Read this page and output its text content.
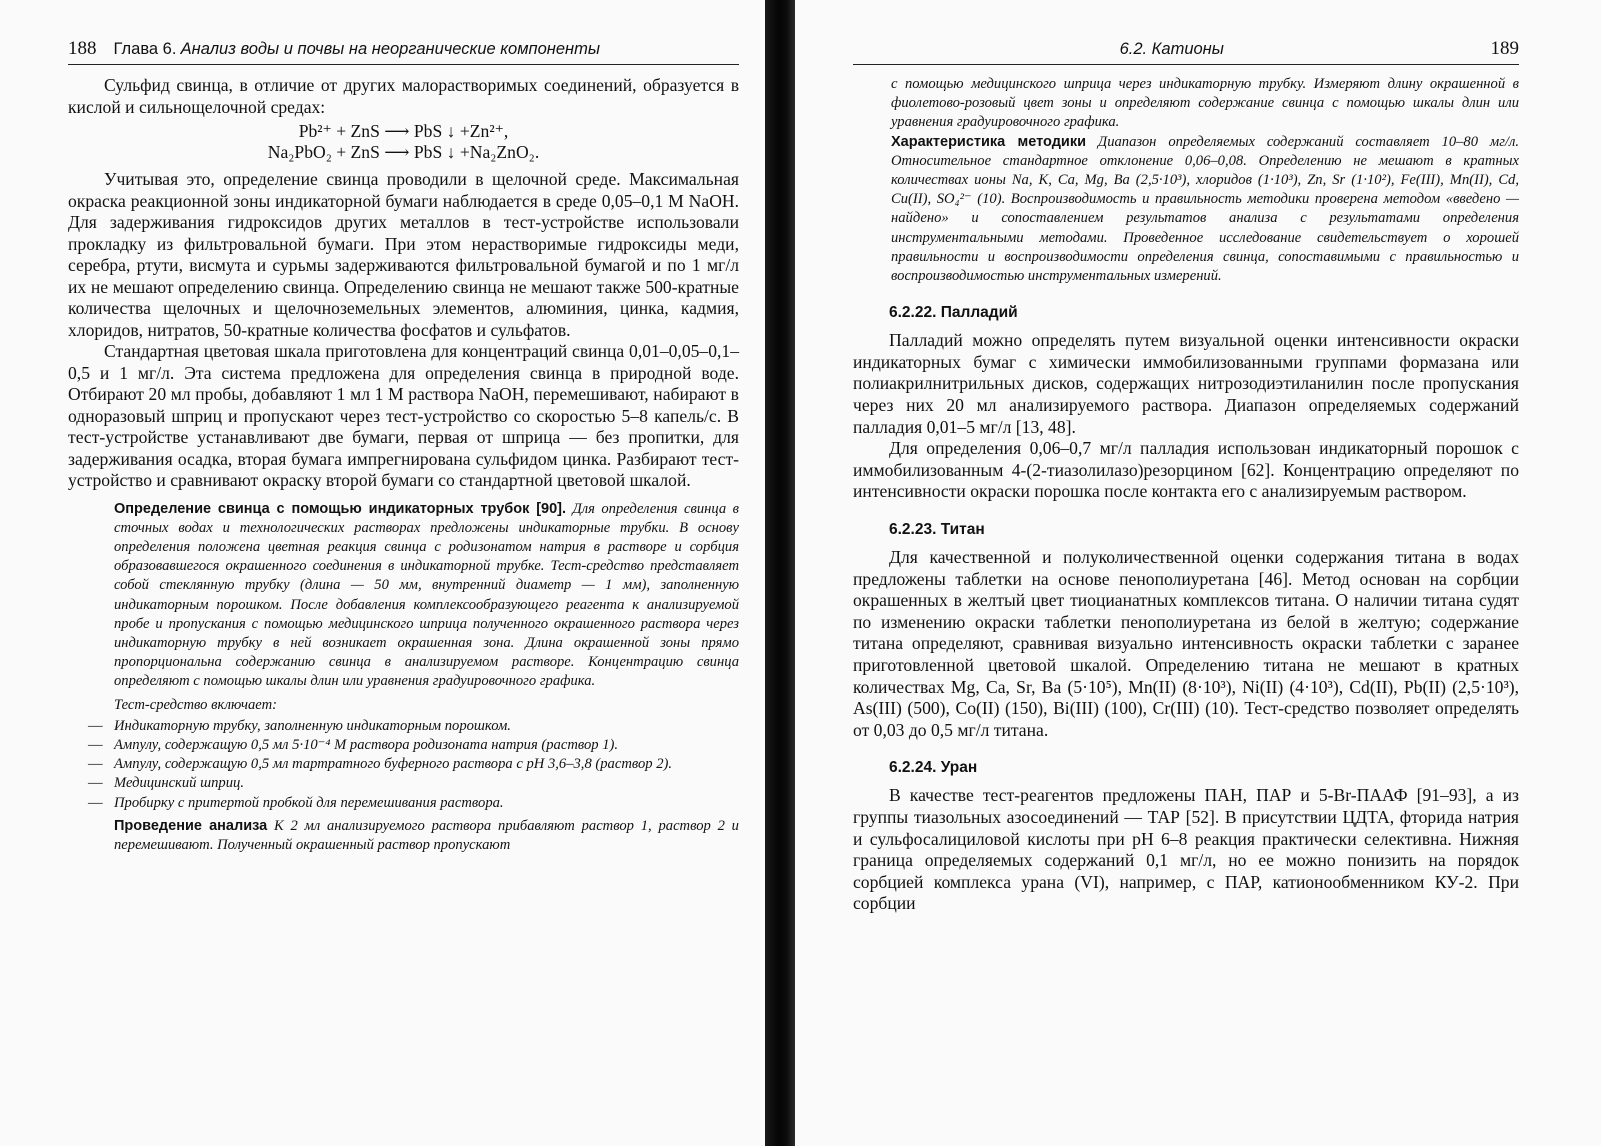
188 Глава 6. Анализ воды и почвы на неорганические компоненты

Сульфид свинца, в отличие от других малорастворимых соединений, образуется в кислой и сильнощелочной средах:

Pb²⁺ + ZnS ⟶ PbS ↓ +Zn²⁺,
Na₂PbO₂ + ZnS ⟶ PbS ↓ +Na₂ZnO₂.

Учитывая это, определение свинца проводили в щелочной среде. Максимальная окраска реакционной зоны индикаторной бумаги наблюдается в среде 0,05–0,1 M NaOH. Для задерживания гидроксидов других металлов в тест-устройстве использовали прокладку из фильтровальной бумаги. При этом нерастворимые гидроксиды меди, серебра, ртути, висмута и сурьмы задерживаются фильтровальной бумагой и по 1 мг/л их не мешают определению свинца. Определению свинца не мешают также 500-кратные количества щелочных и щелочноземельных элементов, алюминия, цинка, кадмия, хлоридов, нитратов, 50-кратные количества фосфатов и сульфатов.

Стандартная цветовая шкала приготовлена для концентраций свинца 0,01–0,05–0,1–0,5 и 1 мг/л. Эта система предложена для определения свинца в природной воде. Отбирают 20 мл пробы, добавляют 1 мл 1 M раствора NaOH, перемешивают, набирают в одноразовый шприц и пропускают через тест-устройство со скоростью 5–8 капель/с. В тест-устройстве устанавливают две бумаги, первая от шприца — без пропитки, для задерживания осадка, вторая бумага импрегнирована сульфидом цинка. Разбирают тест-устройство и сравнивают окраску второй бумаги со стандартной цветовой шкалой.

Определение свинца с помощью индикаторных трубок [90]. Для определения свинца в сточных водах и технологических растворах предложены индикаторные трубки. В основу определения положена цветная реакция свинца с родизонатом натрия в растворе и сорбция образовавшегося окрашенного соединения в индикаторной трубке. Тест-средство представляет собой стеклянную трубку (длина — 50 мм, внутренний диаметр — 1 мм), заполненную индикаторным порошком. После добавления комплексообразующего реагента к анализируемой пробе и пропускания с помощью медицинского шприца полученного окрашенного раствора через индикаторную трубку в ней возникает окрашенная зона. Длина окрашенной зоны прямо пропорциональна содержанию свинца в анализируемом растворе. Концентрацию свинца определяют с помощью шкалы длин или уравнения градуировочного графика.
Тест-средство включает:
— Индикаторную трубку, заполненную индикаторным порошком.
— Ампулу, содержащую 0,5 мл 5·10⁻⁴ M раствора родизоната натрия (раствор 1).
— Ампулу, содержащую 0,5 мл тартратного буферного раствора с pH 3,6–3,8 (раствор 2).
— Медицинский шприц.
— Пробирку с притертой пробкой для перемешивания раствора.
Проведение анализа К 2 мл анализируемого раствора прибавляют раствор 1, раствор 2 и перемешивают. Полученный окрашенный раствор пропускают
6.2. Катионы	189
с помощью медицинского шприца через индикаторную трубку. Измеряют длину окрашенной в фиолетово-розовый цвет зоны и определяют содержание свинца с помощью шкалы длин или уравнения градуировочного графика.
Характеристика методики Диапазон определяемых содержаний составляет 10–80 мг/л. Относительное стандартное отклонение 0,06–0,08. Определению не мешают в кратных количествах ионы Na, K, Ca, Mg, Ba (2,5·10³), хлоридов (1·10³), Zn, Sr (1·10²), Fe(III), Mn(II), Cd, Cu(II), SO₄²⁻ (10). Воспроизводимость и правильность методики проверена методом «введено — найдено» и сопоставлением результатов анализа с результатами определения инструментальными методами. Проведенное исследование свидетельствует о хорошей правильности и воспроизводимости определения свинца, сопоставимыми с правильностью и воспроизводимостью инструментальных измерений.
6.2.22. Палладий

Палладий можно определять путем визуальной оценки интенсивности окраски индикаторных бумаг с химически иммобилизованными группами формазана или полиакрилнитрильных дисков, содержащих нитрозодиэтиланилин после пропускания через них 20 мл анализируемого раствора. Диапазон определяемых содержаний палладия 0,01–5 мг/л [13, 48].

Для определения 0,06–0,7 мг/л палладия использован индикаторный порошок с иммобилизованным 4-(2-тиазолилазо)резорцином [62]. Концентрацию определяют по интенсивности окраски порошка после контакта его с анализируемым раствором.

6.2.23. Титан

Для качественной и полуколичественной оценки содержания титана в водах предложены таблетки на основе пенополиуретана [46]. Метод основан на сорбции окрашенных в желтый цвет тиоцианатных комплексов титана. О наличии титана судят по изменению окраски таблетки пенополиуретана из белой в желтую; содержание титана определяют, сравнивая визуально интенсивность окраски таблетки с заранее приготовленной цветовой шкалой. Определению титана не мешают в кратных количествах Mg, Ca, Sr, Ba (5·10⁵), Mn(II) (8·10³), Ni(II) (4·10³), Cd(II), Pb(II) (2,5·10³), As(III) (500), Co(II) (150), Bi(III) (100), Cr(III) (10). Тест-средство позволяет определять от 0,03 до 0,5 мг/л титана.

6.2.24. Уран

В качестве тест-реагентов предложены ПАН, ПАР и 5-Br-ПААФ [91–93], а из группы тиазольных азосоединений — ТАР [52]. В присутствии ЦДТА, фторида натрия и сульфосалициловой кислоты при pH 6–8 реакция практически селективна. Нижняя граница определяемых содержаний 0,1 мг/л, но ее можно понизить на порядок сорбцией комплекса урана (VI), например, с ПАР, катионообменником КУ-2. При сорбции
